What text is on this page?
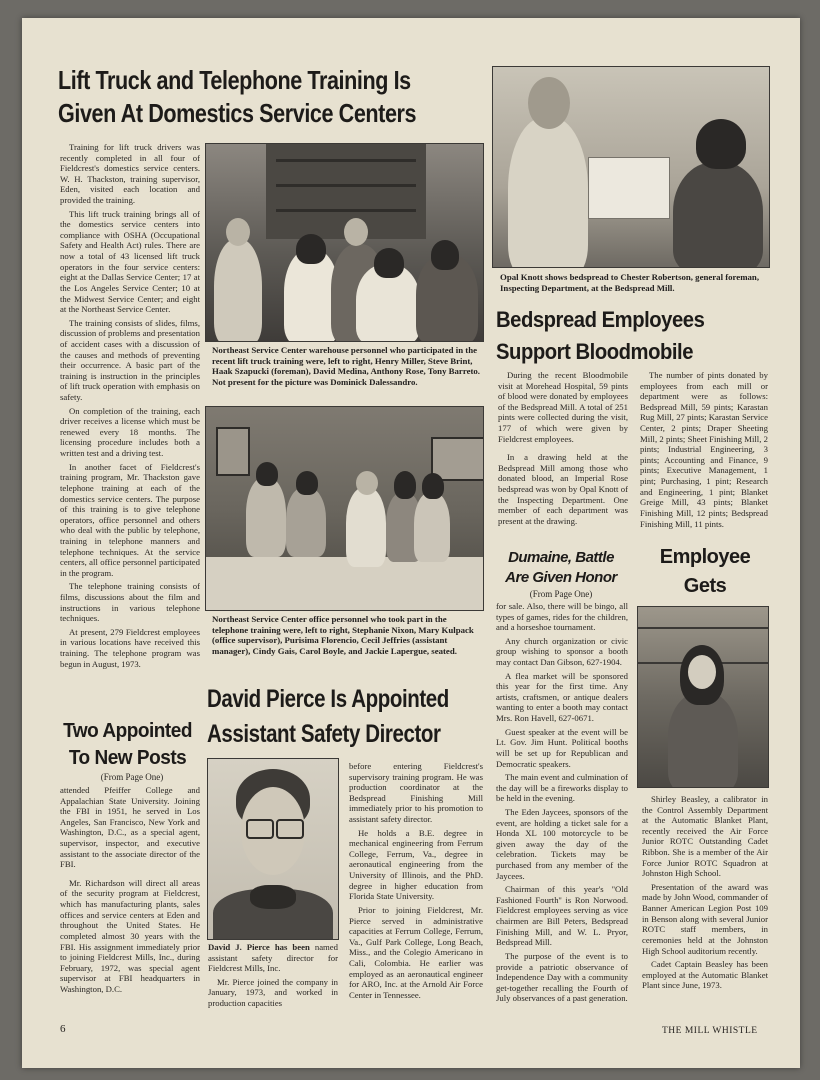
Lift Truck and Telephone Training Is
Given At Domestics Service Centers

Training for lift truck drivers was recently completed in all four of Fieldcrest's domestics service centers. W. H. Thackston, training supervisor, Eden, visited each location and provided the training.

This lift truck training brings all of the domestics service centers into compliance with OSHA (Occupational Safety and Health Act) rules. There are now a total of 43 licensed lift truck operators in the four service centers: eight at the Dallas Service Center; 17 at the Los Angeles Service Center; 10 at the Midwest Service Center; and eight at the Northeast Service Center.

The training consists of slides, films, discussion of problems and presentation of accident cases with a discussion of the causes and methods of preventing their occurrence. A basic part of the training is instruction in the principles of lift truck operation with emphasis on safety.

On completion of the training, each driver receives a license which must be renewed every 18 months. The licensing procedure includes both a written test and a driving test.

In another facet of Fieldcrest's training program, Mr. Thackston gave telephone training at each of the domestics service centers. The purpose of this training is to give telephone operators, office personnel and others who deal with the public by telephone, training in telephone manners and telephone techniques. At the service centers, all office personnel participated in the program.

The telephone training consists of films, discussions about the film and instructions in various telephone techniques.

At present, 279 Fieldcrest employees in various locations have received this training. The telephone program was begun in August, 1973.

Northeast Service Center warehouse personnel who participated in the recent lift truck training were, left to right, Henry Miller, Steve Brint, Haak Szapucki (foreman), David Medina, Anthony Rose, Tony Barreto. Not present for the picture was Dominick Dalessandro.
Northeast Service Center office personnel who took part in the telephone training were, left to right, Stephanie Nixon, Mary Kulpack (office supervisor), Purisima Florencio, Cecil Jeffries (assistant manager), Cindy Gais, Carol Boyle, and Jackie Lapergue, seated.
Opal Knott shows bedspread to Chester Robertson, general foreman, Inspecting Department, at the Bedspread Mill.
Bedspread Employees
Support Bloodmobile

During the recent Bloodmobile visit at Morehead Hospital, 59 pints of blood were donated by employees of the Bedspread Mill. A total of 251 pints were collected during the visit, 177 of which were given by Fieldcrest employees.

In a drawing held at the Bedspread Mill among those who donated blood, an Imperial Rose bedspread was won by Opal Knott of the Inspecting Department. One member of each department was present at the drawing.

The number of pints donated by employees from each mill or department were as follows: Bedspread Mill, 59 pints; Karastan Rug Mill, 27 pints; Karastan Service Center, 2 pints; Draper Sheeting Mill, 2 pints; Sheet Finishing Mill, 2 pints; Industrial Engineering, 3 pints; Accounting and Finance, 9 pints; Executive Management, 1 pint; Purchasing, 1 pint; Research and Engineering, 1 pint; Blanket Greige Mill, 43 pints; Blanket Finishing Mill, 12 pints; Bedspread Finishing Mill, 11 pints.

Dumaine, Battle
Are Given Honor
(From Page One)

for sale. Also, there will be bingo, all types of games, rides for the children, and a horseshoe tournament.

Any church organization or civic group wishing to sponsor a booth may contact Dan Gibson, 627-1904.

A flea market will be sponsored this year for the first time. Any artists, craftsmen, or antique dealers wanting to enter a booth may contact Mrs. Ron Havell, 627-0671.

Guest speaker at the event will be Lt. Gov. Jim Hunt. Political booths will be set up for Republican and Democratic speakers.

The main event and culmination of the day will be a fireworks display to be held in the evening.

The Eden Jaycees, sponsors of the event, are holding a ticket sale for a Honda XL 100 motorcycle to be given away the day of the celebration. Tickets may be purchased from any member of the Jaycees.

Chairman of this year's ''Old Fashioned Fourth'' is Ron Norwood. Fieldcrest employees serving as vice chairmen are Bill Peters, Bedspread Finishing Mill, and W. L. Pryor, Bedspread Mill.

The purpose of the event is to provide a patriotic observance of Independence Day with a community get-together recalling the Fourth of July observances of a past generation.

Employee Gets

Shirley Beasley, a calibrator in the Control Assembly Department at the Automatic Blanket Plant, recently received the Air Force Junior ROTC Outstanding Cadet Ribbon. She is a member of the Air Force Junior ROTC Squadron at Johnston High School.

Presentation of the award was made by John Wood, commander of Banner American Legion Post 109 in Benson along with several Junior ROTC staff members, in ceremonies held at the Johnston High School auditorium recently.

Cadet Captain Beasley has been employed at the Automatic Blanket Plant since June, 1973.

Two Appointed
To New Posts
(From Page One)

attended Pfeiffer College and Appalachian State University. Joining the FBI in 1951, he served in Los Angeles, San Francisco, New York and Washington, D.C., as a special agent, supervisor, inspector, and executive assistant to the associate director of the FBI.

Mr. Richardson will direct all areas of the security program at Fieldcrest, which has manufacturing plants, sales offices and service centers at Eden and throughout the United States. He completed almost 30 years with the FBI. His assignment immediately prior to joining Fieldcrest Mills, Inc., during February, 1972, was special agent supervisor at FBI headquarters in Washington, D.C.

David Pierce Is Appointed
Assistant Safety Director

David J. Pierce has been named assistant safety director for Fieldcrest Mills, Inc.

Mr. Pierce joined the company in January, 1973, and worked in production capacities

before entering Fieldcrest's supervisory training program. He was production coordinator at the Bedspread Finishing Mill immediately prior to his promotion to assistant safety director.

He holds a B.E. degree in mechanical engineering from Ferrum College, Ferrum, Va., degree in aeronautical engineering from the University of Illinois, and the PhD. degree in higher education from Florida State University.

Prior to joining Fieldcrest, Mr. Pierce served in administrative capacities at Ferrum College, Ferrum, Va., Gulf Park College, Long Beach, Miss., and the Colegio Americano in Cali, Colombia. He earlier was employed as an aeronautical engineer for ARO, Inc. at the Arnold Air Force Center in Tennessee.

6	THE MILL WHISTLE
